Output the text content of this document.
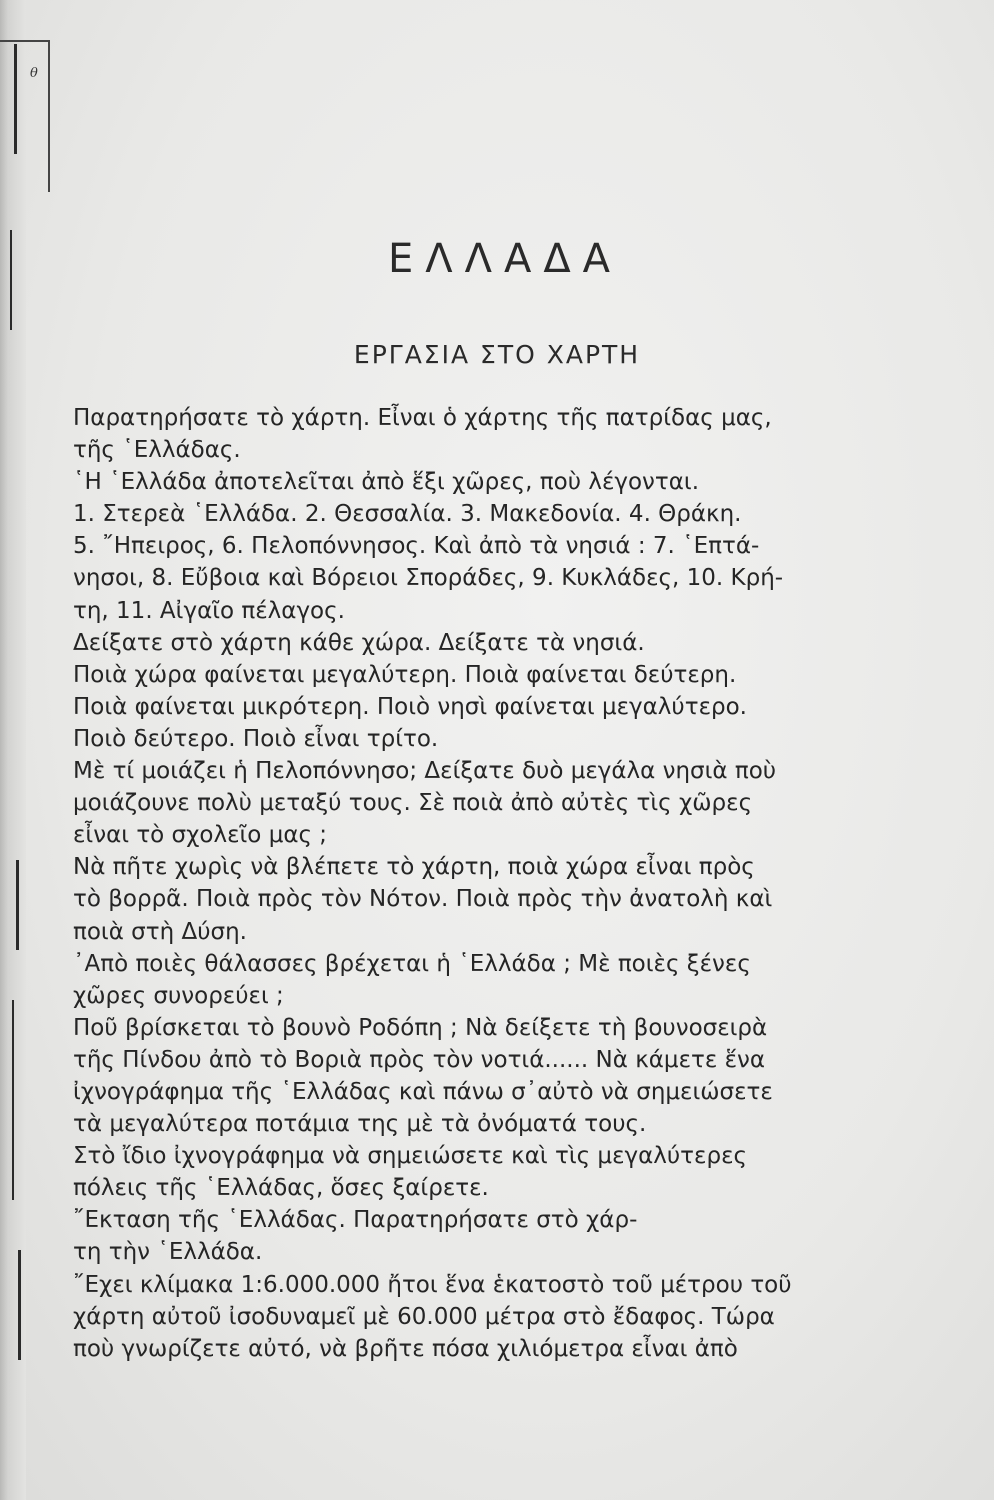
θ
ΕΛΛΑΔΑ
ΕΡΓΑΣΙΑ ΣΤΟ ΧΑΡΤΗ
Παρατηρήσατε τὸ χάρτη. Εἶναι ὁ χάρτης τῆς πατρίδας μας,
τῆς ῾Ελλάδας.
῾Η ῾Ελλάδα ἀποτελεῖται ἀπὸ ἕξι χῶρες, ποὺ λέγονται.
1. Στερεὰ ῾Ελλάδα. 2. Θεσσαλία. 3. Μακεδονία. 4. Θράκη.
5. ῎Ηπειρος, 6. Πελοπόννησος. Καὶ ἀπὸ τὰ νησιά : 7. ῾Επτά-
νησοι, 8. Εὔβοια καὶ Βόρειοι Σποράδες, 9. Κυκλάδες, 10. Κρή-
τη, 11. Αἰγαῖο πέλαγος.
Δείξατε στὸ χάρτη κάθε χώρα. Δείξατε τὰ νησιά.
Ποιὰ χώρα φαίνεται μεγαλύτερη. Ποιὰ φαίνεται δεύτερη.
Ποιὰ φαίνεται μικρότερη. Ποιὸ νησὶ φαίνεται μεγαλύτερο.
Ποιὸ δεύτερο. Ποιὸ εἶναι τρίτο.
Μὲ τί μοιάζει ἡ Πελοπόννησο; Δείξατε δυὸ μεγάλα νησιὰ ποὺ
μοιάζουνε πολὺ μεταξύ τους. Σὲ ποιὰ ἀπὸ αὐτὲς τὶς χῶρες
εἶναι τὸ σχολεῖο μας ;
Νὰ πῆτε χωρὶς νὰ βλέπετε τὸ χάρτη, ποιὰ χώρα εἶναι πρὸς
τὸ βορρᾶ. Ποιὰ πρὸς τὸν Νότον. Ποιὰ πρὸς τὴν ἀνατολὴ καὶ
ποιὰ στὴ Δύση.
᾿Απὸ ποιὲς θάλασσες βρέχεται ἡ ῾Ελλάδα ; Μὲ ποιὲς ξένες
χῶρες συνορεύει ;
Ποῦ βρίσκεται τὸ βουνὸ Ροδόπη ; Νὰ δείξετε τὴ βουνοσειρὰ
τῆς Πίνδου ἀπὸ τὸ Βοριὰ πρὸς τὸν νοτιά...... Νὰ κάμετε ἕνα
ἰχνογράφημα τῆς ῾Ελλάδας καὶ πάνω σ᾿αὐτὸ νὰ σημειώσετε
τὰ μεγαλύτερα ποτάμια της μὲ τὰ ὀνόματά τους.
Στὸ ἴδιο ἰχνογράφημα νὰ σημειώσετε καὶ τὶς μεγαλύτερες
πόλεις τῆς ῾Ελλάδας, ὅσες ξαίρετε.
῎Εκταση τῆς ῾Ελλάδας. Παρατηρήσατε στὸ χάρ-
τη τὴν ῾Ελλάδα.
῎Εχει κλίμακα 1:6.000.000 ἤτοι ἕνα ἑκατοστὸ τοῦ μέτρου τοῦ
χάρτη αὐτοῦ ἰσοδυναμεῖ μὲ 60.000 μέτρα στὸ ἔδαφος. Τώρα
ποὺ γνωρίζετε αὐτό, νὰ βρῆτε πόσα χιλιόμετρα εἶναι ἀπὸ
